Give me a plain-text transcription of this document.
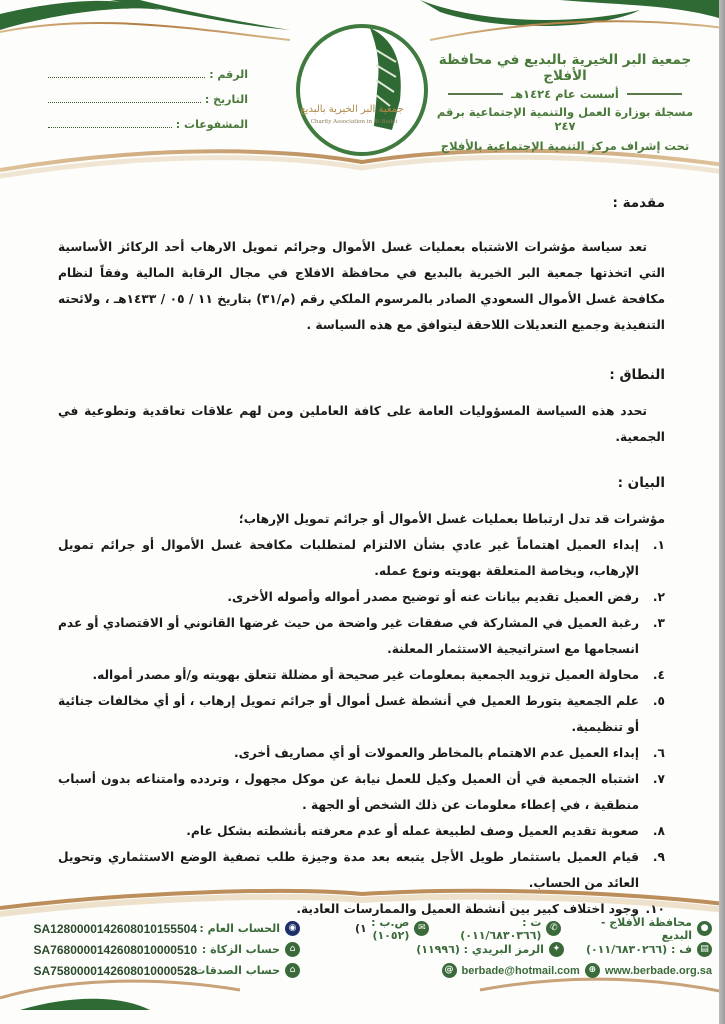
جمعية البر الخيرية بالبديع
Charity Association in Al-Badei
جمعية البر الخيرية بالبديع في محافظة الأفلاج
أسست عام ١٤٢٤هـ
مسجلة بوزارة العمل والتنمية الإجتماعية برقم ٢٤٧
تحت إشراف مركز التنمية الإجتماعية بالأفلاج
الرقم :
التاريخ :
المشفوعات :

مقدمة :

تعد سياسة مؤشرات الاشتباه بعمليات غسل الأموال وجرائم تمويل الارهاب أحد الركائز الأساسية التي اتخذتها جمعية البر الخيرية بالبديع في محافظة الافلاج في مجال الرقابة المالية وفقاً لنظام مكافحة غسل الأموال السعودي الصادر بالمرسوم الملكي رقم (م/٣١) بتاريخ ١١ / ٠٥ / ١٤٣٣هـ ، ولائحته التنفيذية وجميع التعديلات اللاحقة ليتوافق مع هذه السياسة .

النطاق :

تحدد هذه السياسة المسؤوليات العامة على كافة العاملين ومن لهم علاقات تعاقدية وتطوعية في الجمعية.

البيان :

مؤشرات قد تدل ارتباطا بعمليات غسل الأموال أو جرائم تمويل الإرهاب؛

١.
إبداء العميل اهتماماً غير عادي بشأن الالتزام لمتطلبات مكافحة غسل الأموال أو جرائم تمويل الإرهاب، وبخاصة المتعلقة بهويته ونوع عمله.
٢.
رفض العميل تقديم بيانات عنه أو توضيح مصدر أمواله وأصوله الأخرى.
٣.
رغبة العميل في المشاركة في صفقات غير واضحة من حيث غرضها القانوني أو الاقتصادي أو عدم انسجامها مع استراتيجية الاستثمار المعلنة.
٤.
محاولة العميل تزويد الجمعية بمعلومات غير صحيحة أو مضللة تتعلق بهويته و/أو مصدر أمواله.
٥.
علم الجمعية بتورط العميل في أنشطة غسل أموال أو جرائم تمويل إرهاب ، أو أي مخالفات جنائية أو تنظيمية.
٦.
إبداء العميل عدم الاهتمام بالمخاطر والعمولات أو أي مصاريف أخرى.
٧.
اشتباه الجمعية في أن العميل وكيل للعمل نيابة عن موكل مجهول ، وتردده وامتناعه بدون أسباب منطقية ، في إعطاء معلومات عن ذلك الشخص أو الجهة .
٨.
صعوبة تقديم العميل وصف لطبيعة عمله أو عدم معرفته بأنشطته بشكل عام.
٩.
قيام العميل باستثمار طويل الأجل يتبعه بعد مدة وجيزة طلب تصفية الوضع الاستثماري وتحويل العائد من الحساب.
١٠.
وجود اختلاف كبير بين أنشطة العميل والممارسات العادية.
(١
◉
الحساب العام :
SA1280000142608010155504
⌂
حساب الزكاة :
SA7680000142608010000510
⌂
حساب الصدقات :
SA7580000142608010000528
●
محافظة الأفلاج - البديع
✆
ت : (٠١١/٦٨٣٠٣٦٦)
✉
ص.ب : (١٠٥٢)
▤
ف : (٠١١/٦٨٣٠٢٦٦)
✦
الرمز البريدي : (١١٩٩٦)
www.berbade.org.sa
⊕
berbade@hotmail.com
@
